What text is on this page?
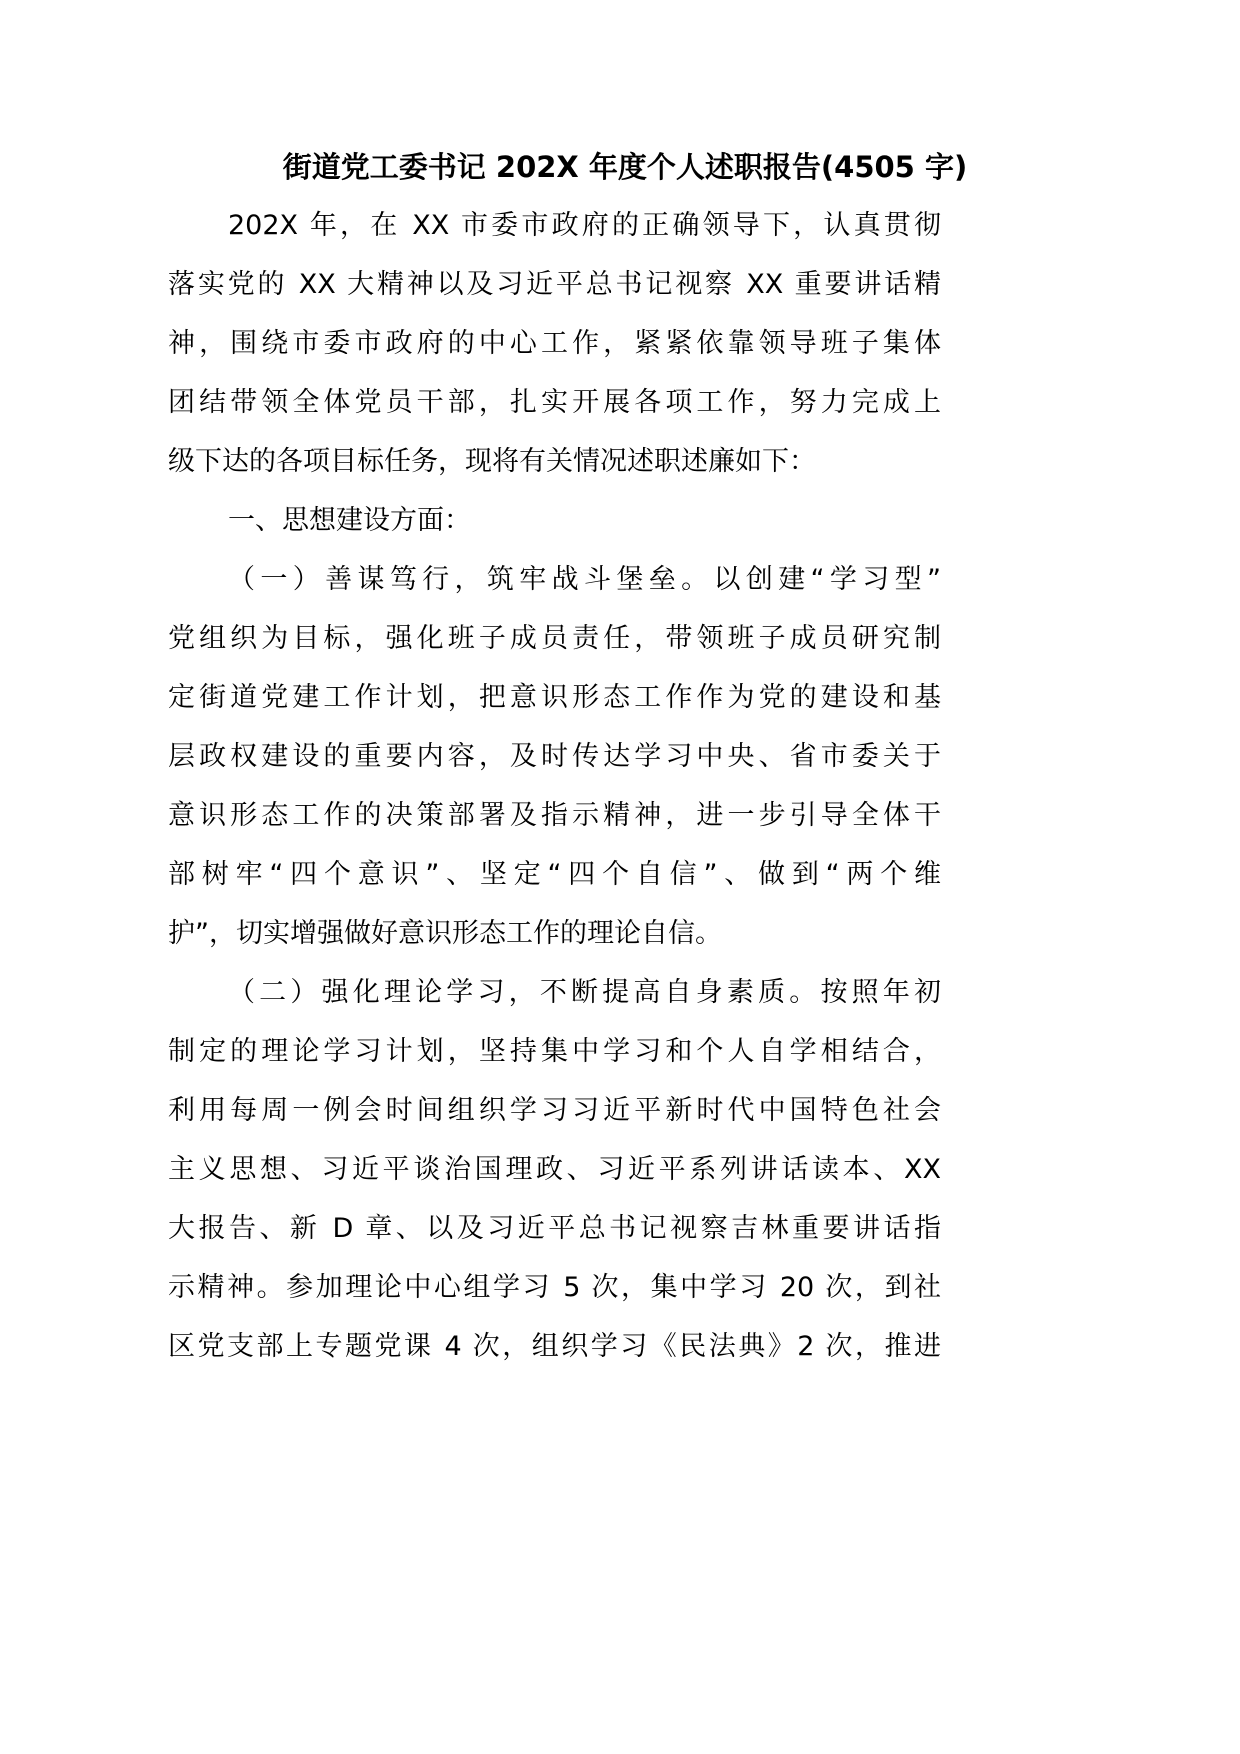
街道党工委书记 202X 年度个人述职报告(4505 字)
202X 年，在 XX 市委市政府的正确领导下，认真贯彻
落实党的 XX 大精神以及习近平总书记视察 XX 重要讲话精
神，围绕市委市政府的中心工作，紧紧依靠领导班子集体
团结带领全体党员干部，扎实开展各项工作，努力完成上
级下达的各项目标任务，现将有关情况述职述廉如下：
一、思想建设方面：
（一）善谋笃行，筑牢战斗堡垒。以创建“学习型”
党组织为目标，强化班子成员责任，带领班子成员研究制
定街道党建工作计划，把意识形态工作作为党的建设和基
层政权建设的重要内容，及时传达学习中央、省市委关于
意识形态工作的决策部署及指示精神，进一步引导全体干
部树牢“四个意识”、坚定“四个自信”、做到“两个维
护”，切实增强做好意识形态工作的理论自信。
（二）强化理论学习，不断提高自身素质。按照年初
制定的理论学习计划，坚持集中学习和个人自学相结合，
利用每周一例会时间组织学习习近平新时代中国特色社会
主义思想、习近平谈治国理政、习近平系列讲话读本、XX
大报告、新 D 章、以及习近平总书记视察吉林重要讲话指
示精神。参加理论中心组学习 5 次，集中学习 20 次，到社
区党支部上专题党课 4 次，组织学习《民法典》2 次，推进
